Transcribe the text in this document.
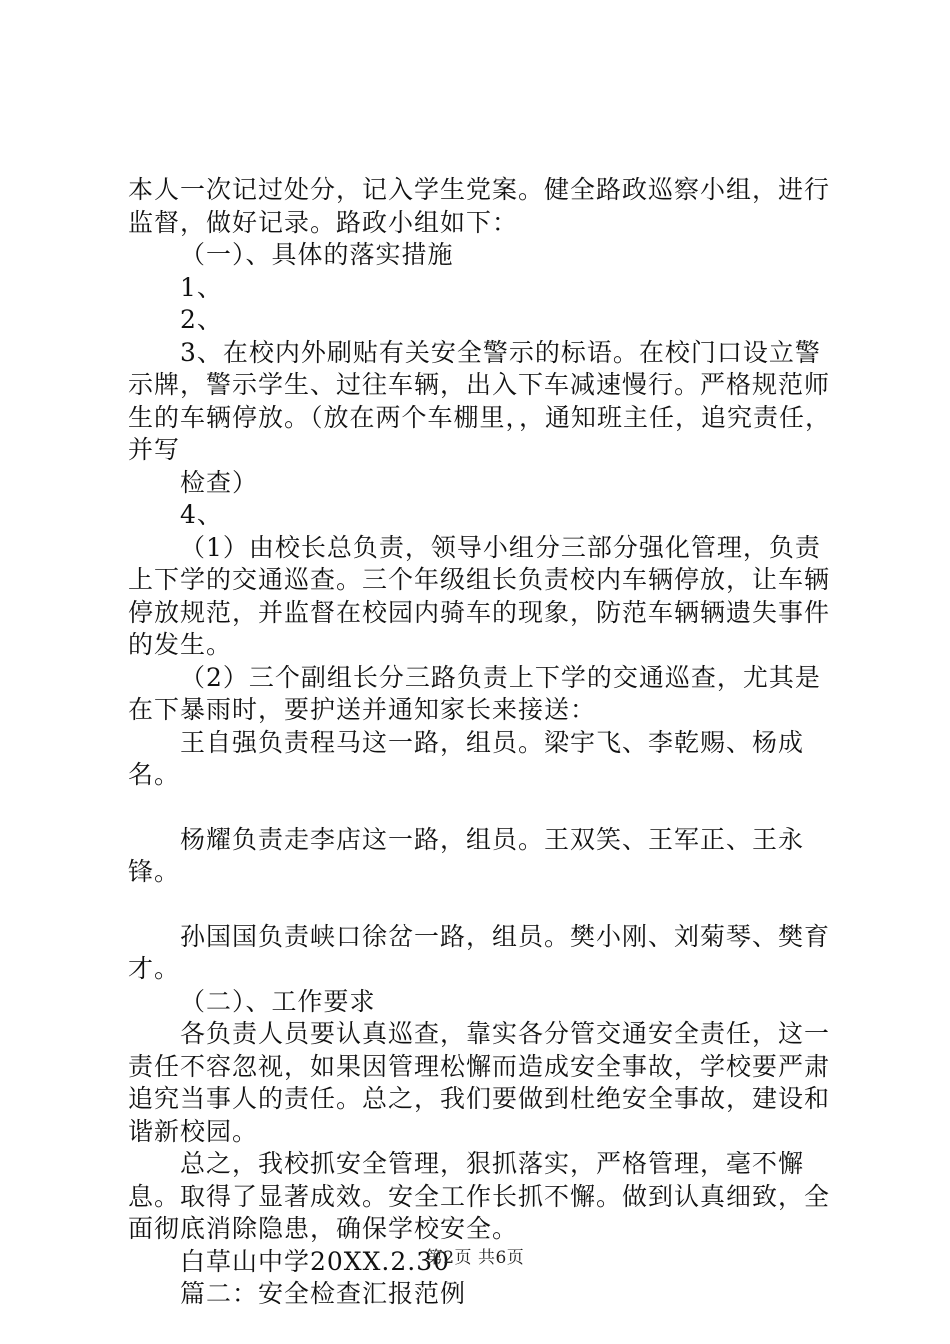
本人一次记过处分，记入学生党案。健全路政巡察小组，进行监督，做好记录。路政小组如下：

（一）、具体的落实措施

1、

2、

3、在校内外刷贴有关安全警示的标语。在校门口设立警示牌，警示学生、过往车辆，出入下车减速慢行。严格规范师生的车辆停放。（放在两个车棚里，，通知班主任，追究责任，并写

检查）

4、

（1）由校长总负责，领导小组分三部分强化管理，负责上下学的交通巡查。三个年级组长负责校内车辆停放，让车辆停放规范，并监督在校园内骑车的现象，防范车辆辆遗失事件的发生。

（2）三个副组长分三路负责上下学的交通巡查，尤其是在下暴雨时，要护送并通知家长来接送：

王自强负责程马这一路，组员。梁宇飞、李乾赐、杨成名。

杨耀负责走李店这一路，组员。王双笑、王军正、王永锋。

孙国国负责峡口徐岔一路，组员。樊小刚、刘菊琴、樊育才。

（二）、工作要求

各负责人员要认真巡查，靠实各分管交通安全责任，这一责任不容忽视，如果因管理松懈而造成安全事故，学校要严肃追究当事人的责任。总之，我们要做到杜绝安全事故，建设和谐新校园。

总之，我校抓安全管理，狠抓落实，严格管理，毫不懈息。取得了显著成效。安全工作长抓不懈。做到认真细致，全面彻底消除隐患，确保学校安全。

白草山中学20XX.2.30

篇二：安全检查汇报范例

第2页 共6页
